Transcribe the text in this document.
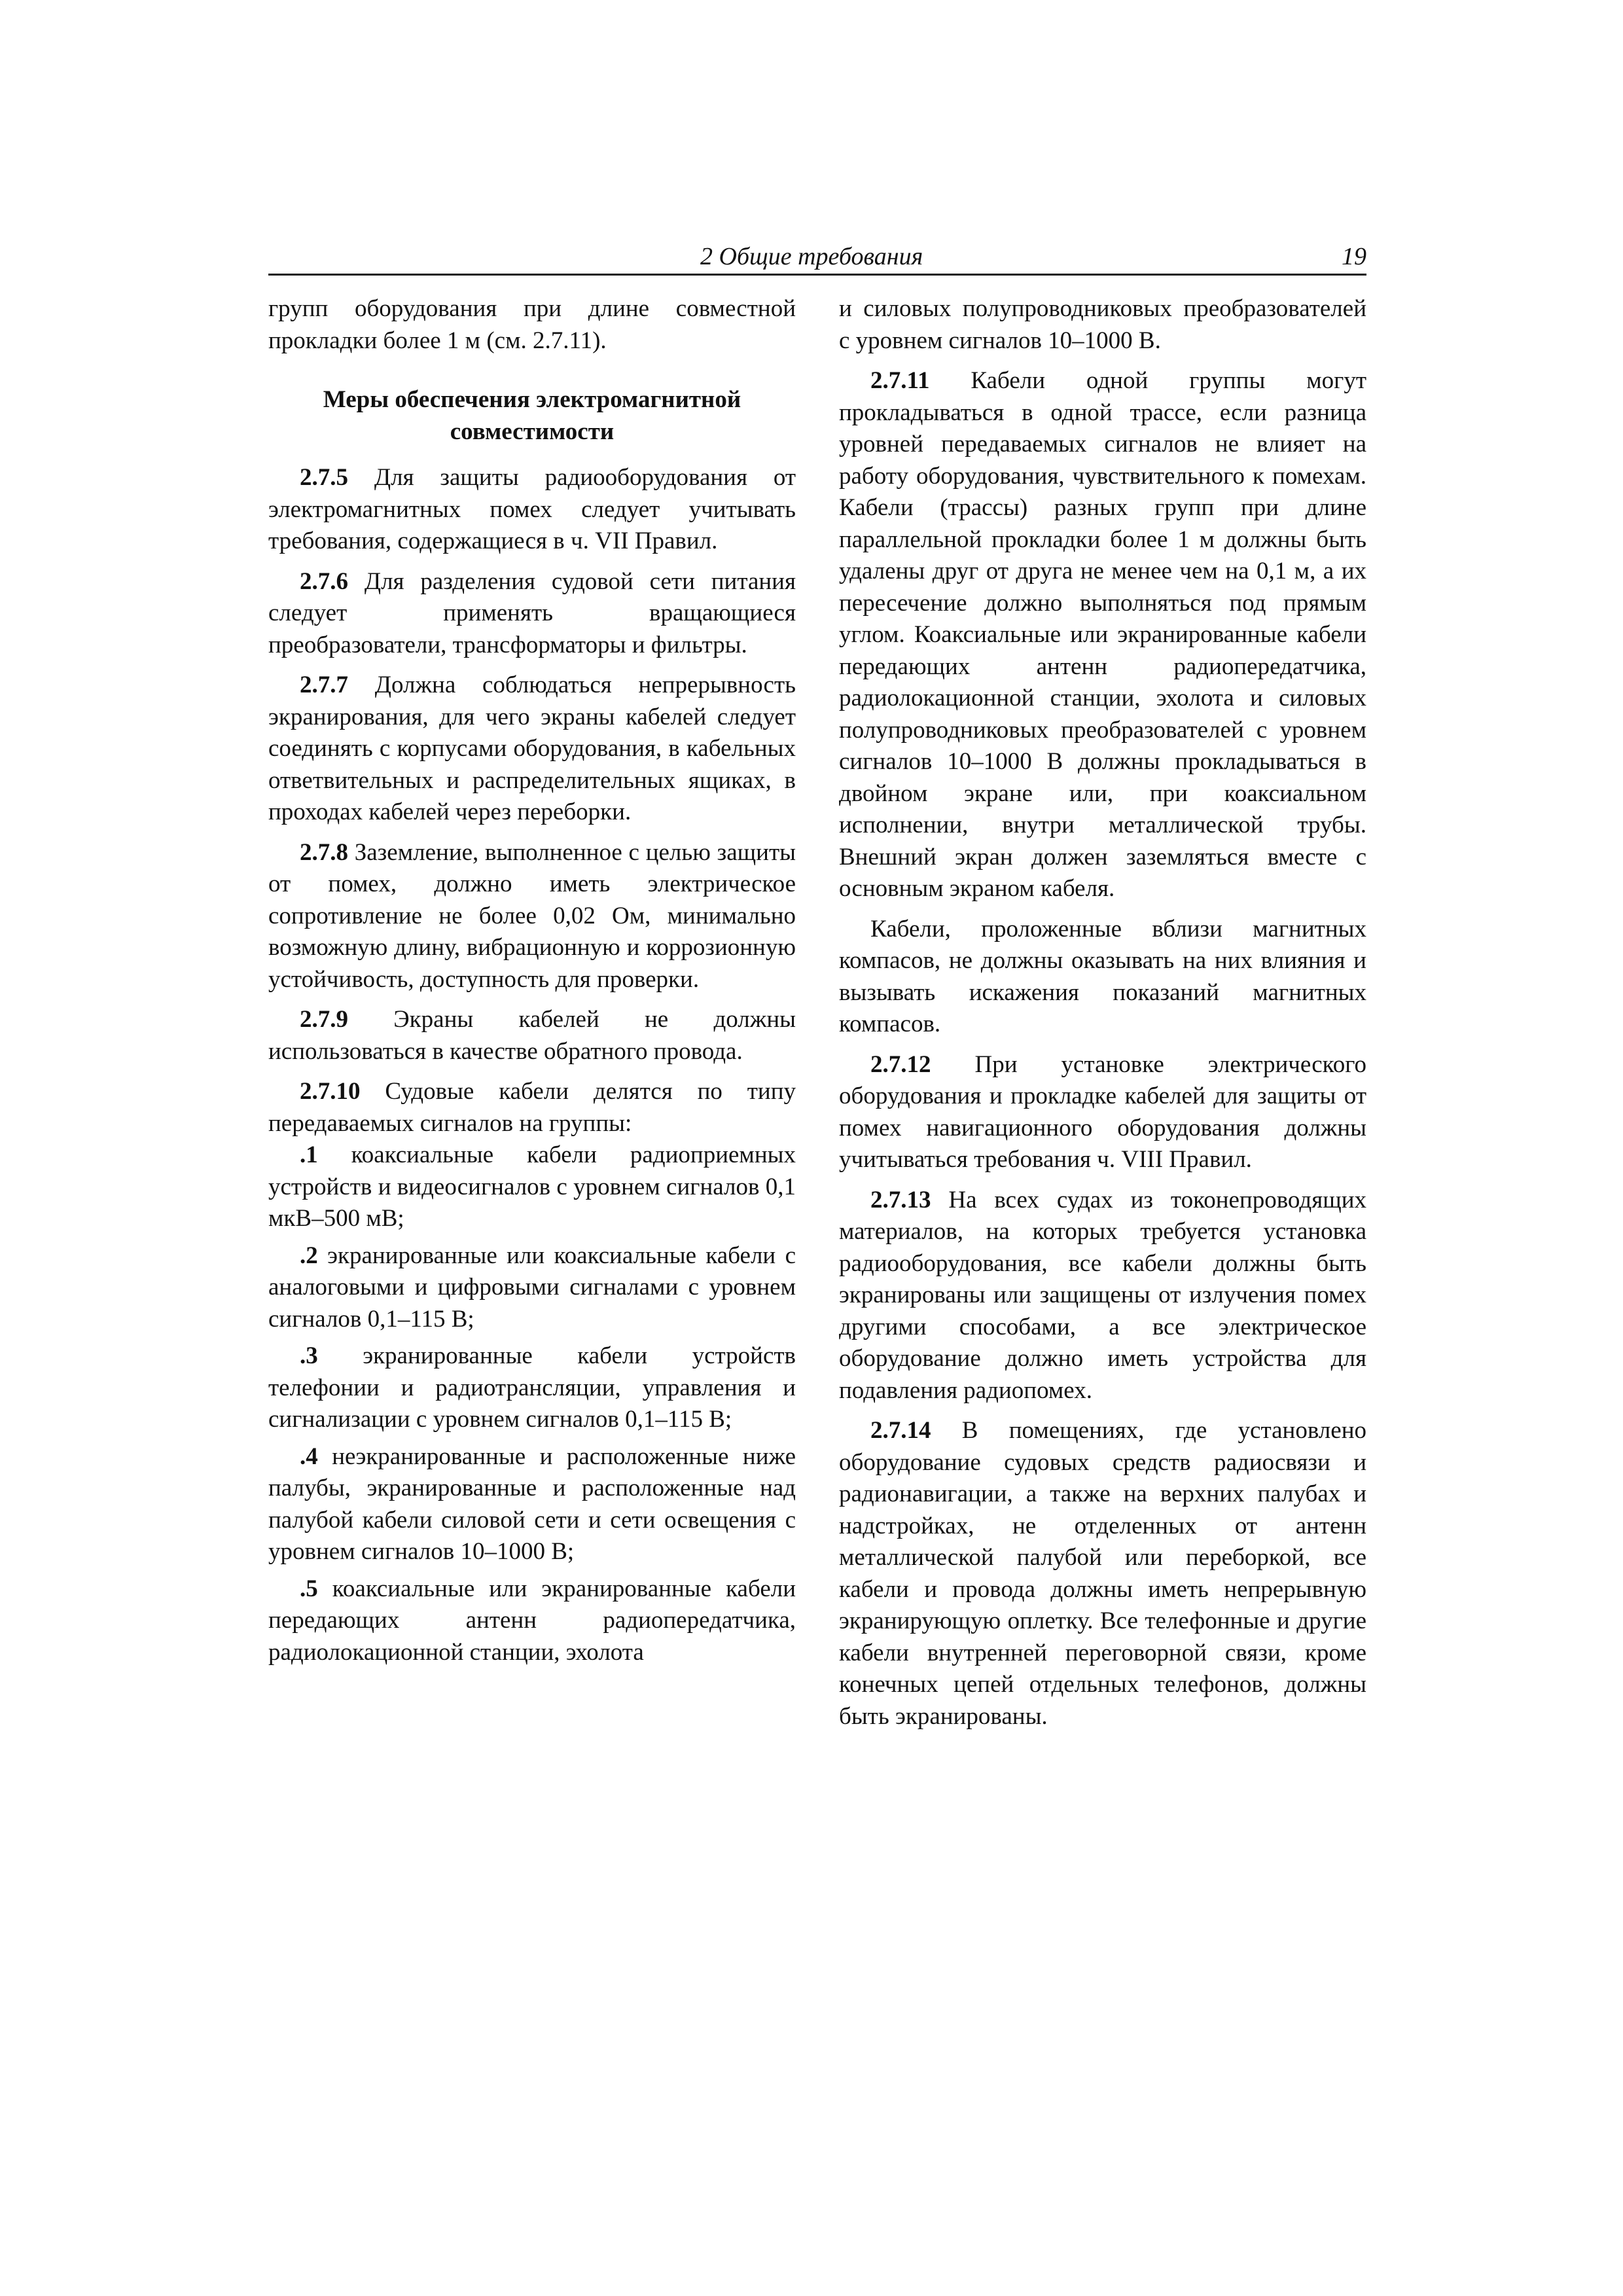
2 Общие требования	19

групп оборудования при длине совместной прокладки более 1 м (см. 2.7.11).

Меры обеспечения электромагнитной совместимости

2.7.5 Для защиты радиооборудования от электромагнитных помех следует учитывать требования, содержащиеся в ч. VII Правил.

2.7.6 Для разделения судовой сети питания следует применять вращающиеся преобразователи, трансформаторы и фильтры.

2.7.7 Должна соблюдаться непрерывность экранирования, для чего экраны кабелей следует соединять с корпусами оборудования, в кабельных ответвительных и распределительных ящиках, в проходах кабелей через переборки.

2.7.8 Заземление, выполненное с целью защиты от помех, должно иметь электрическое сопротивление не более 0,02 Ом, минимально возможную длину, вибрационную и коррозионную устойчивость, доступность для проверки.

2.7.9 Экраны кабелей не должны использоваться в качестве обратного провода.

2.7.10 Судовые кабели делятся по типу передаваемых сигналов на группы:

.1 коаксиальные кабели радиоприемных устройств и видеосигналов с уровнем сигналов 0,1 мкВ–500 мВ;

.2 экранированные или коаксиальные кабели с аналоговыми и цифровыми сигналами с уровнем сигналов 0,1–115 В;

.3 экранированные кабели устройств телефонии и радиотрансляции, управления и сигнализации с уровнем сигналов 0,1–115 В;

.4 неэкранированные и расположенные ниже палубы, экранированные и расположенные над палубой кабели силовой сети и сети освещения с уровнем сигналов 10–1000 В;

.5 коаксиальные или экранированные кабели передающих антенн радиопередатчика, радиолокационной станции, эхолота

и силовых полупроводниковых преобразователей с уровнем сигналов 10–1000 В.

2.7.11 Кабели одной группы могут прокладываться в одной трассе, если разница уровней передаваемых сигналов не влияет на работу оборудования, чувствительного к помехам. Кабели (трассы) разных групп при длине параллельной прокладки более 1 м должны быть удалены друг от друга не менее чем на 0,1 м, а их пересечение должно выполняться под прямым углом. Коаксиальные или экранированные кабели передающих антенн радиопередатчика, радиолокационной станции, эхолота и силовых полупроводниковых преобразователей с уровнем сигналов 10–1000 В должны прокладываться в двойном экране или, при коаксиальном исполнении, внутри металлической трубы. Внешний экран должен заземляться вместе с основным экраном кабеля.

Кабели, проложенные вблизи магнитных компасов, не должны оказывать на них влияния и вызывать искажения показаний магнитных компасов.

2.7.12 При установке электрического оборудования и прокладке кабелей для защиты от помех навигационного оборудования должны учитываться требования ч. VIII Правил.

2.7.13 На всех судах из токонепроводящих материалов, на которых требуется установка радиооборудования, все кабели должны быть экранированы или защищены от излучения помех другими способами, а все электрическое оборудование должно иметь устройства для подавления радиопомех.

2.7.14 В помещениях, где установлено оборудование судовых средств радиосвязи и радионавигации, а также на верхних палубах и надстройках, не отделенных от антенн металлической палубой или переборкой, все кабели и провода должны иметь непрерывную экранирующую оплетку. Все телефонные и другие кабели внутренней переговорной связи, кроме конечных цепей отдельных телефонов, должны быть экранированы.
